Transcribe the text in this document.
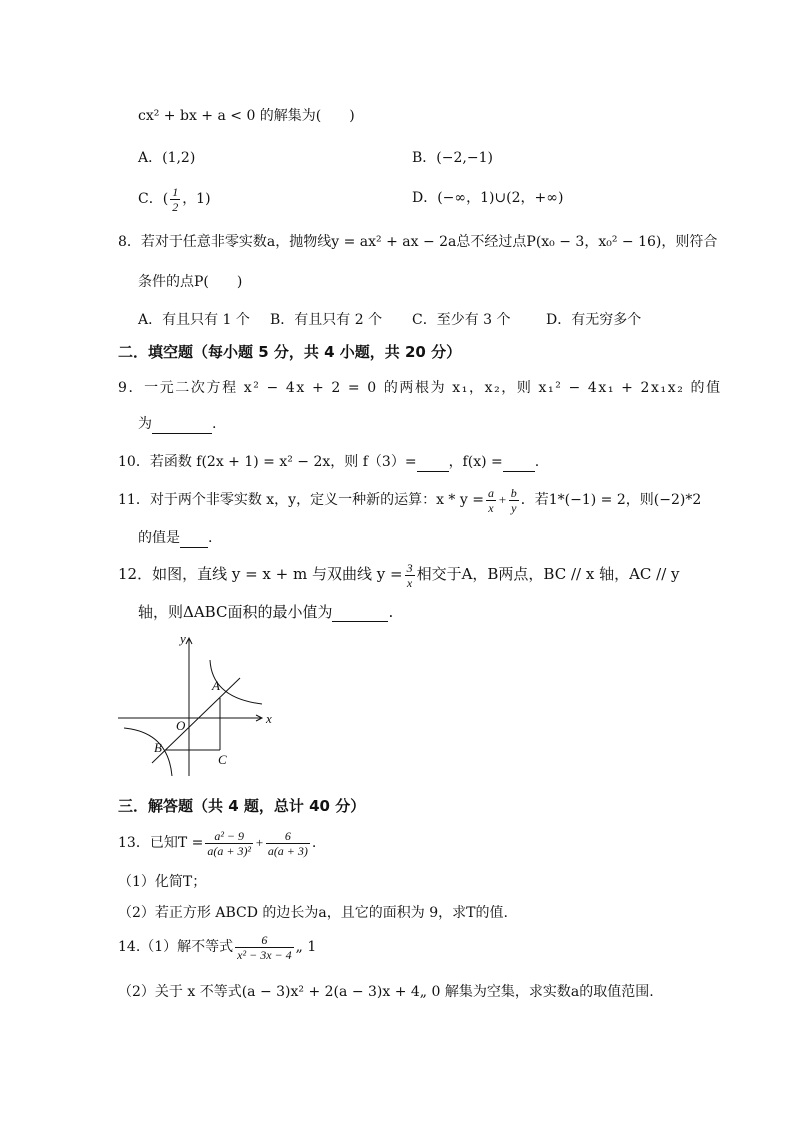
cx² + bx + a < 0 的解集为(　　)
A．(1,2)	B．(−2,−1)
C．( $\frac{1}{2}$ ，1)	D．(−∞，1)∪(2，+∞)
8．若对于任意非零实数a，抛物线y = ax² + ax − 2a总不经过点P(x₀ − 3，x₀² − 16)，则符合
条件的点P(　　)
A．有且只有 1 个 B．有且只有 2 个 C．至少有 3 个	D．有无穷多个
二．填空题（每小题 5 分，共 4 小题，共 20 分）
9．一元二次方程 x² − 4x + 2 = 0 的两根为 x₁，x₂，则 x₁² − 4x₁ + 2x₁x₂ 的值
为	.
10．若函数 f(2x + 1) = x² − 2x，则 f（3）= ，f(x) = .
11．对于两个非零实数 x，y，定义一种新的运算：$x * y = \frac{a}{x} + \frac{b}{y}$ ．若1*(−1) = 2，则(−2)*2
的值是 .
12．如图，直线 y = x + m 与双曲线 $y = \frac{3}{x}$ 相交于A，B两点，BC // x 轴，AC // y
轴，则ΔABC面积的最小值为	.
y
x
O
A
B
C
三．解答题（共 4 题，总计 40 分）
13．已知$T = \frac{\text{a² − 9}}{\text{a(a + 3)²}} + \frac{6}{a(a + 3)}$ .
（1）化简T；
（2）若正方形 ABCD 的边长为a，且它的面积为 9，求T的值.
14.（1）解不等式 $\frac{6}{\text{x² − 3x − 4}}$ „ 1
（2）关于 x 不等式(a − 3)x² + 2(a − 3)x + 4„ 0 解集为空集，求实数a的取值范围.
